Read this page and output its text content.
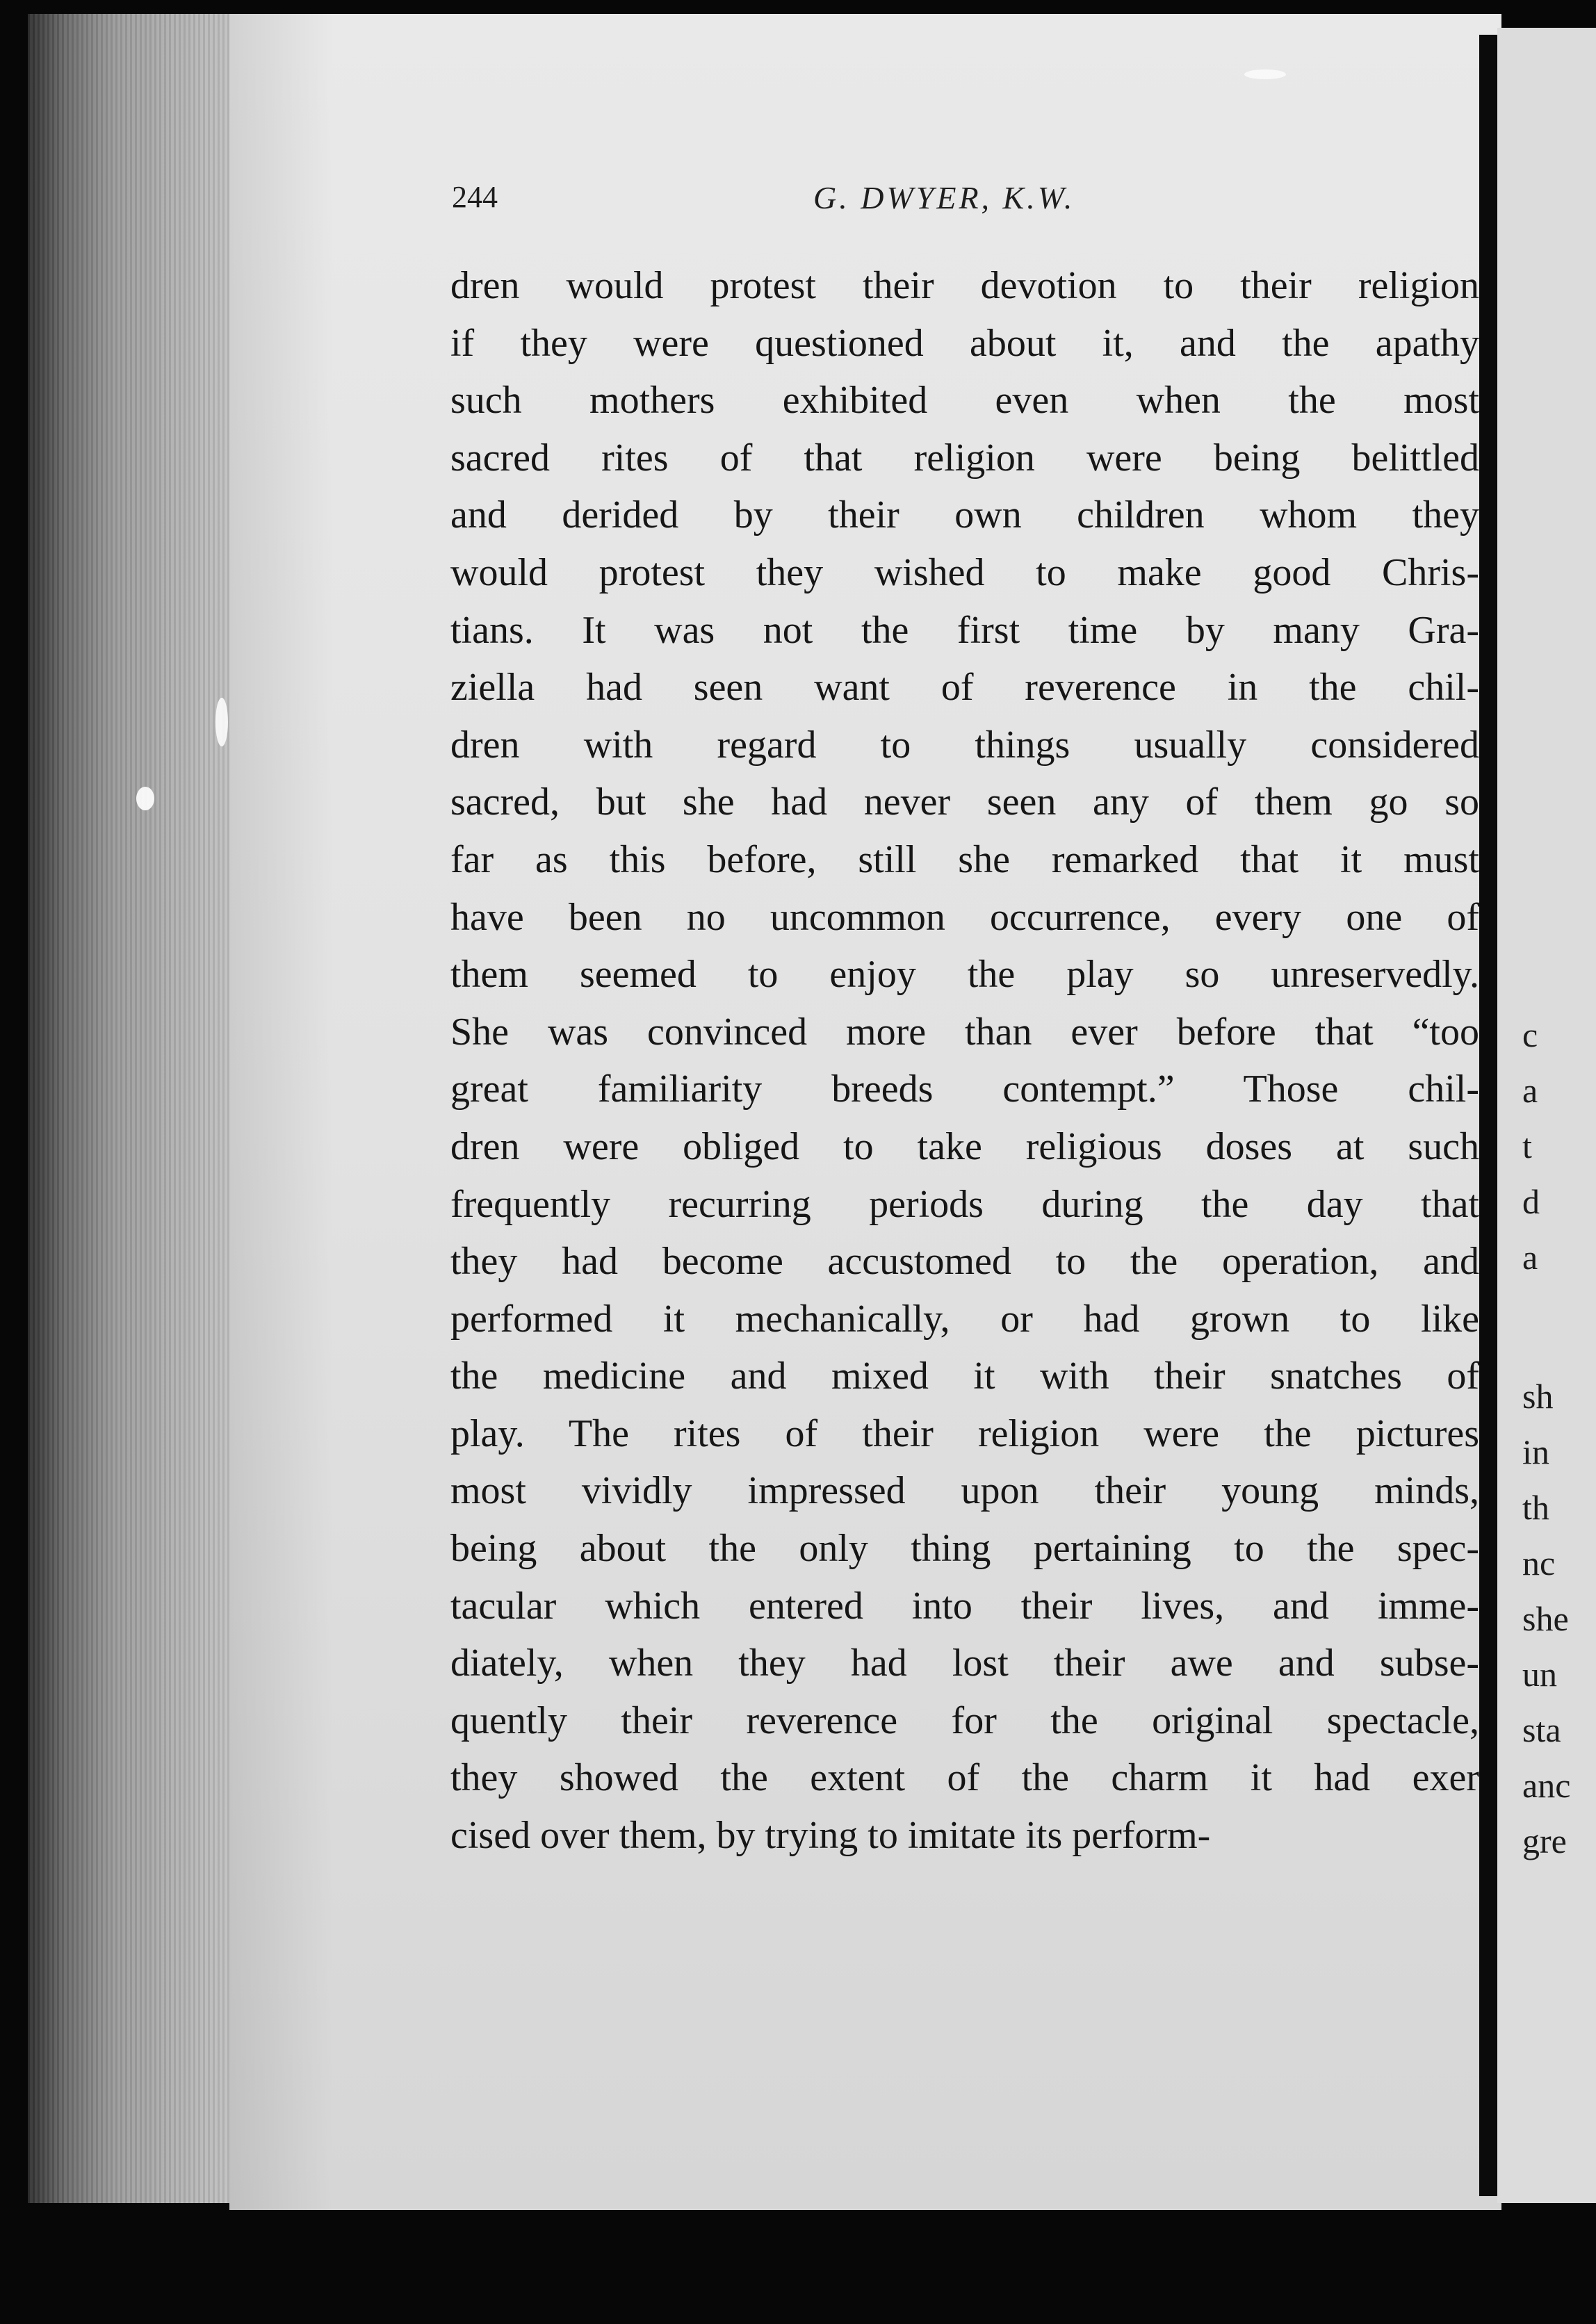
244	G. DWYER, K.W.
dren would protest their devotion to their religion
if they were questioned about it, and the apathy
such mothers exhibited even when the most
sacred rites of that religion were being belittled
and derided by their own children whom they
would protest they wished to make good Chris-
tians. It was not the first time by many Gra-
ziella had seen want of reverence in the chil-
dren with regard to things usually considered
sacred, but she had never seen any of them go so
far as this before, still she remarked that it must
have been no uncommon occurrence, every one of
them seemed to enjoy the play so unreservedly.
She was convinced more than ever before that “too
great familiarity breeds contempt.” Those chil-
dren were obliged to take religious doses at such
frequently recurring periods during the day that
they had become accustomed to the operation, and
performed it mechanically, or had grown to like
the medicine and mixed it with their snatches of
play. The rites of their religion were the pictures
most vividly impressed upon their young minds,
being about the only thing pertaining to the spec-
tacular which entered into their lives, and imme-
diately, when they had lost their awe and subse-
quently their reverence for the original spectacle,
they showed the extent of the charm it had exer
cised over them, by trying to imitate its perform-
c
a
t
d
a
sh
in
th
nc
she
un
sta
anc
gre
